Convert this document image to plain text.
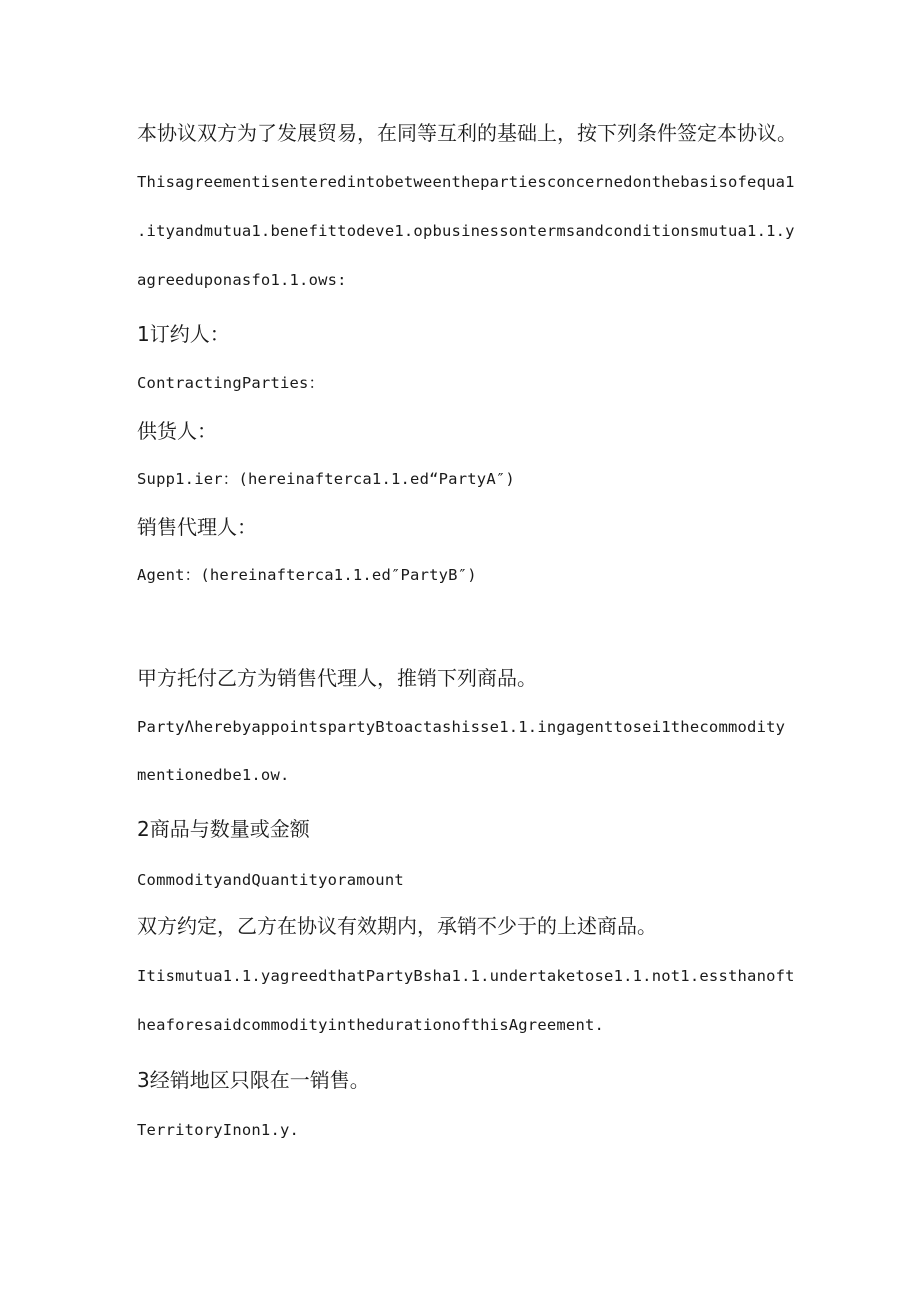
本协议双方为了发展贸易，在同等互利的基础上，按下列条件签定本协议。
Thisagreementisenteredintobetweenthepartiesconcernedonthebasisofequa1
.ityandmutua1.benefittodeve1.opbusinessontermsandconditionsmutua1.1.y
agreeduponasfo1.1.ows:
1订约人：
ContractingParties：
供货人：
Supp1.ier：(hereinafterca1.1.ed“PartyA″)
销售代理人：
Agent：(hereinafterca1.1.ed″PartyB″)
甲方托付乙方为销售代理人，推销下列商品。
PartyΛherebyappointspartyBtoactashisse1.1.ingagenttosei1thecommodity
mentionedbe1.ow.
2商品与数量或金额
CommodityandQuantityoramount
双方约定，乙方在协议有效期内，承销不少于的上述商品。
Itismutua1.1.yagreedthatPartyBsha1.1.undertaketose1.1.not1.essthanoft
heaforesaidcommodityinthedurationofthisAgreement.
3经销地区只限在一销售。
TerritoryInon1.y.
